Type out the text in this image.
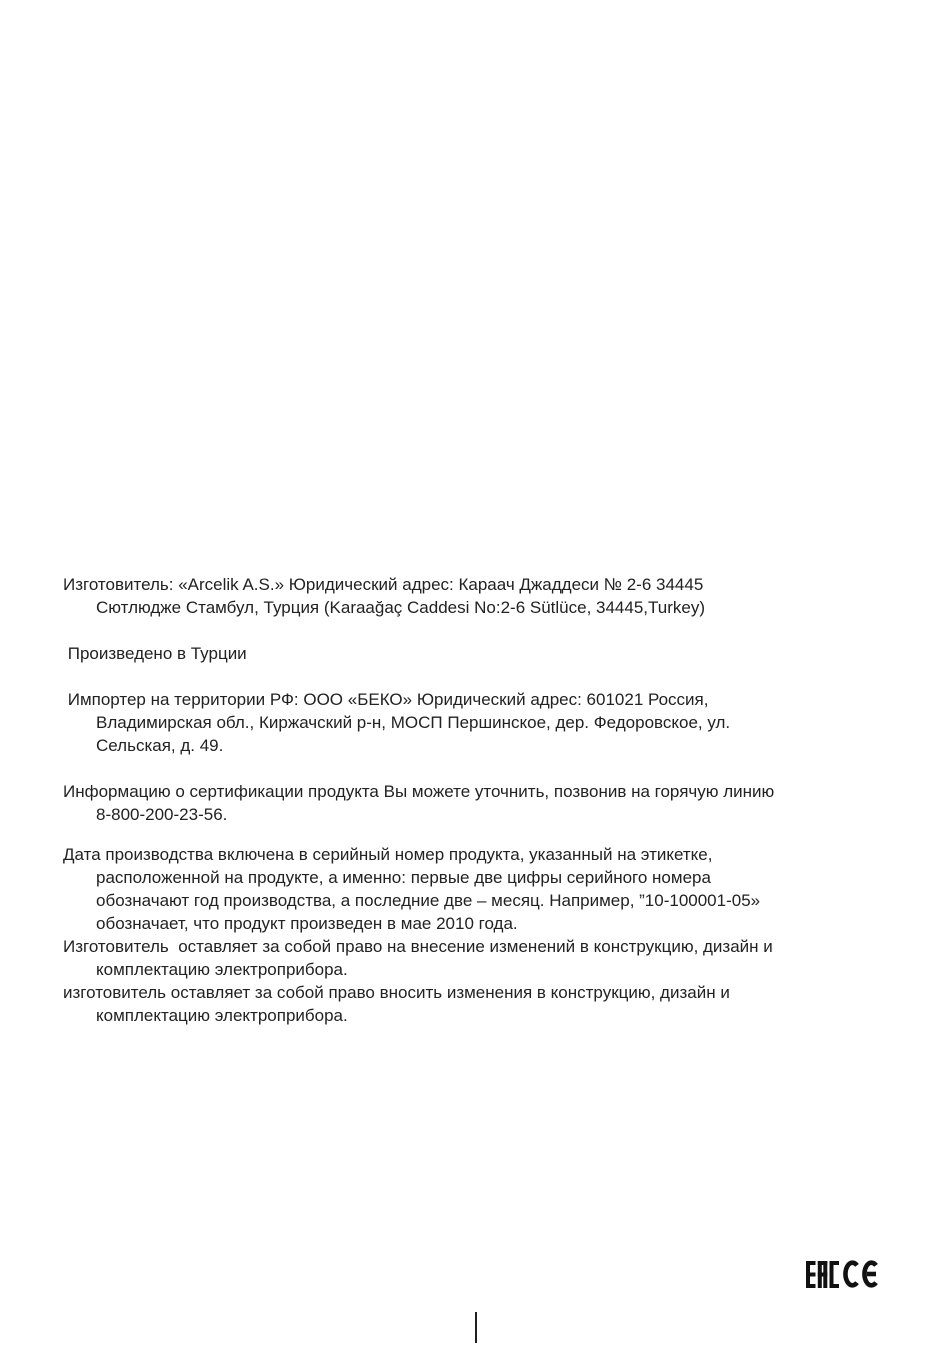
Изготовитель: «Arcelik A.S.» Юридический адрес: Караач Джаддеси № 2-6 34445
Сютлюдже Стамбул, Турция (Karaağaç Caddesi No:2-6 Sütlüce, 34445,Turkey)
Произведено в Турции
Импортер на территории РФ: ООО «БЕКО» Юридический адрес: 601021 Россия,
Владимирская обл., Киржачский р-н, МОСП Першинское, дер. Федоровское, ул.
Сельская, д. 49.
Информацию о сертификации продукта Вы можете уточнить, позвонив на горячую линию
8-800-200-23-56.
Дата производства включена в серийный номер продукта, указанный на этикетке,
расположенной на продукте, а именно: первые две цифры серийного номера
обозначают год производства, а последние две – месяц. Например, ”10-100001-05»
обозначает, что продукт произведен в мае 2010 года.
Изготовитель  оставляет за собой право на внесение изменений в конструкцию, дизайн и
комплектацию электроприбора.
изготовитель оставляет за собой право вносить изменения в конструкцию, дизайн и
комплектацию электроприбора.
